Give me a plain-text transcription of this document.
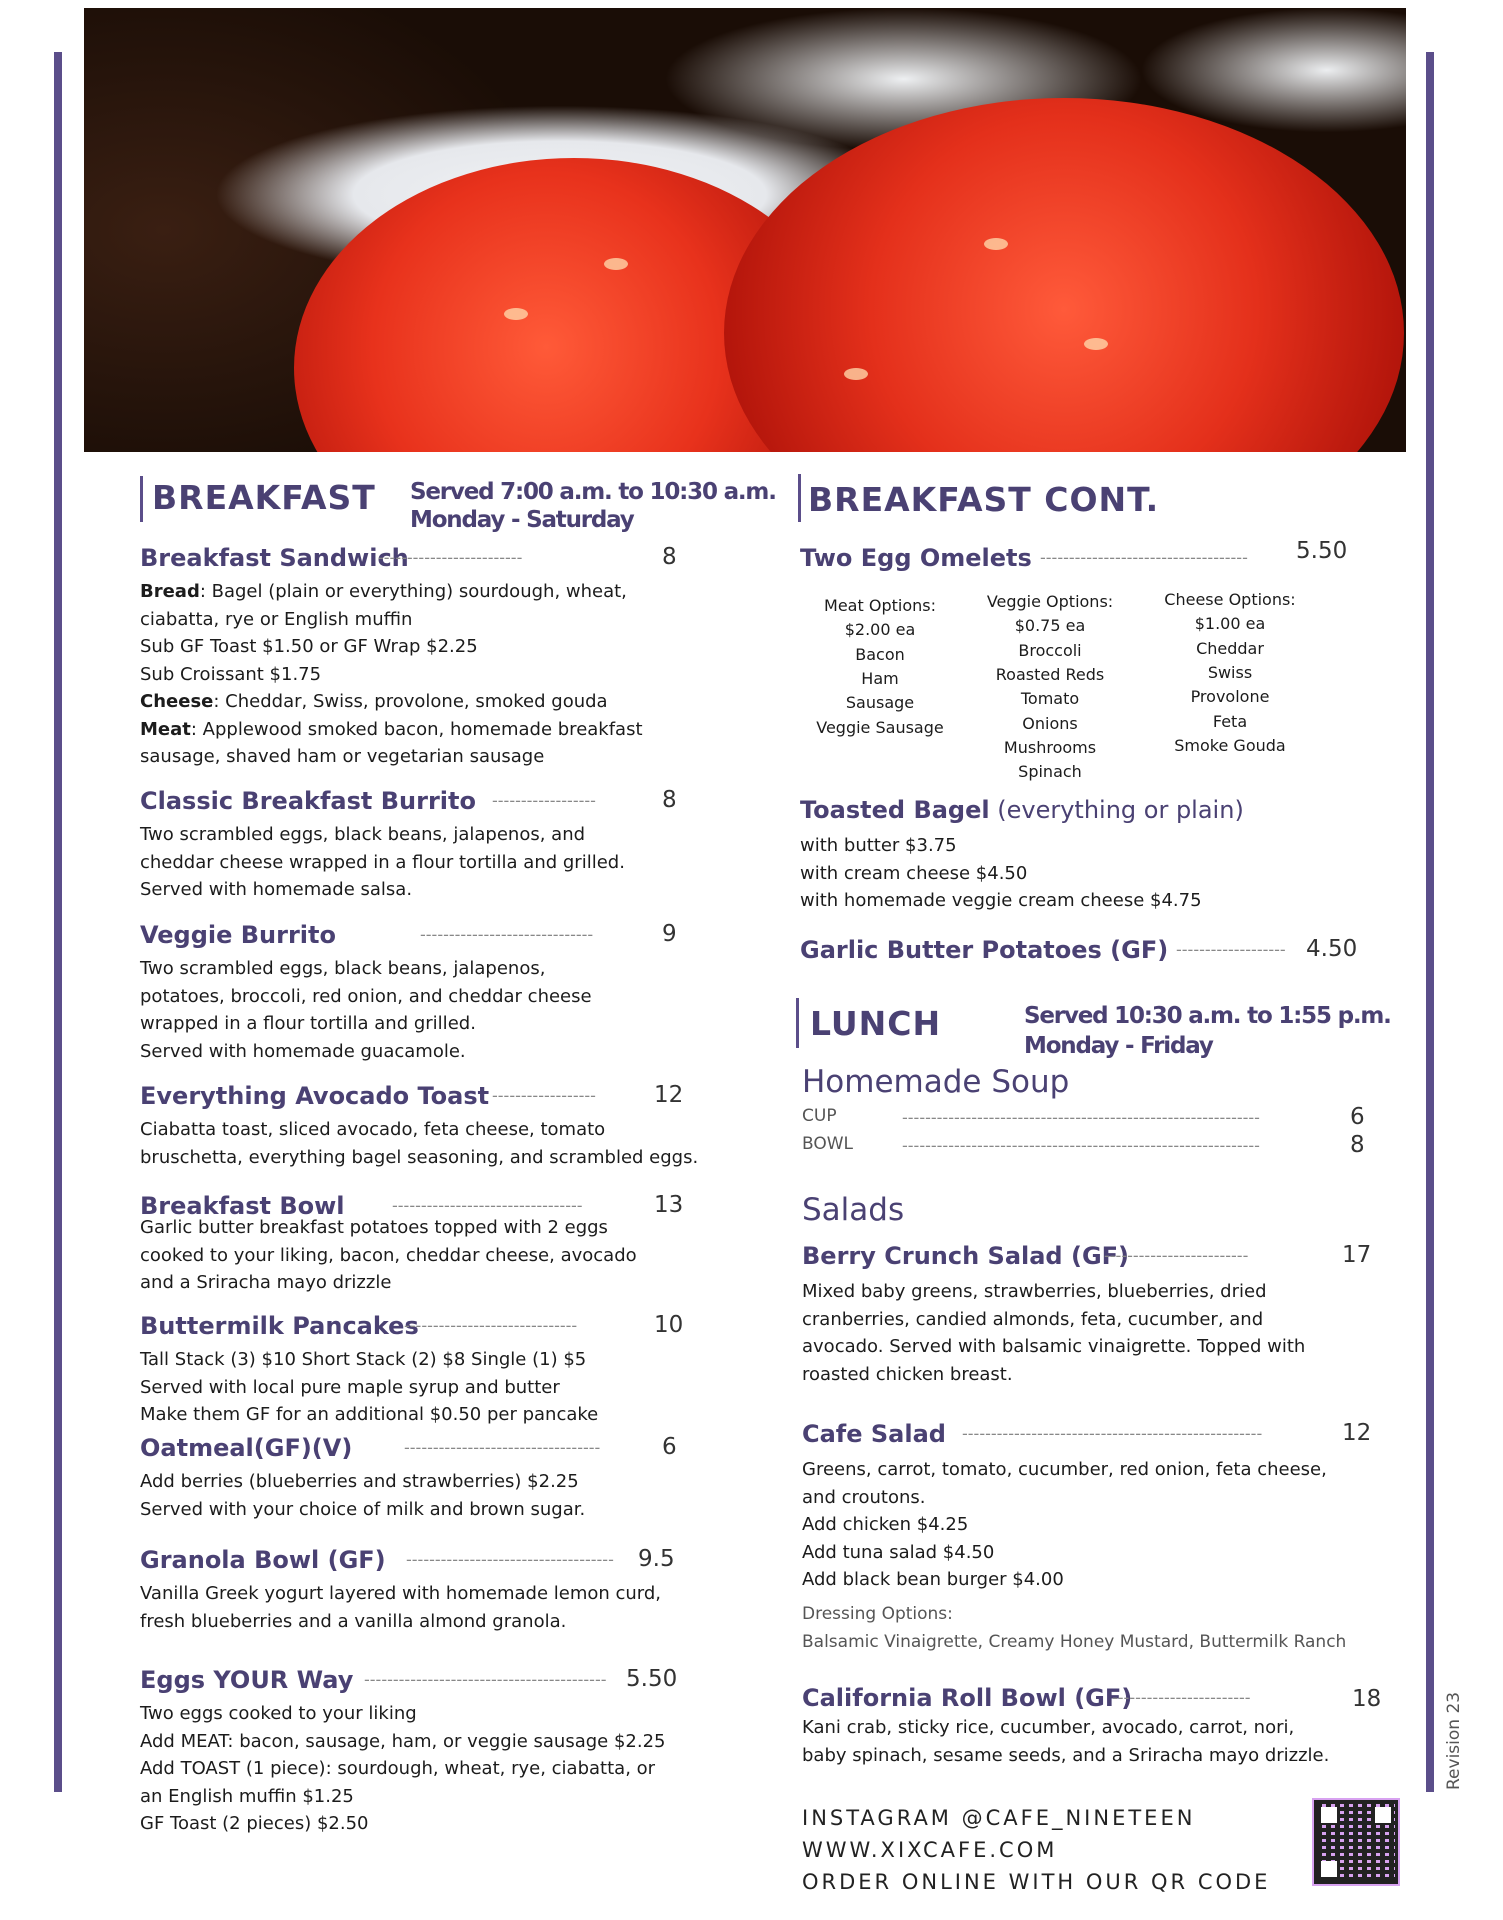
BREAKFAST Served 7:00 a.m. to 10:30 a.m.
Monday - Saturday
Breakfast Sandwich
-------------------------	8
Bread: Bagel (plain or everything) sourdough, wheat,
ciabatta, rye or English muffin
Sub GF Toast $1.50 or GF Wrap $2.25
Sub Croissant $1.75
Cheese: Cheddar, Swiss, provolone, smoked gouda
Meat: Applewood smoked bacon, homemade breakfast
sausage, shaved ham or vegetarian sausage
Classic Breakfast Burrito ------------------	8
Two scrambled eggs, black beans, jalapenos, and
cheddar cheese wrapped in a flour tortilla and grilled.
Served with homemade salsa.
Veggie Burrito	------------------------------	9
Two scrambled eggs, black beans, jalapenos,
potatoes, broccoli, red onion, and cheddar cheese
wrapped in a flour tortilla and grilled.
Served with homemade guacamole.
Everything Avocado Toast ------------------	12
Ciabatta toast, sliced avocado, feta cheese, tomato
bruschetta, everything bagel seasoning, and scrambled eggs.
Breakfast Bowl	---------------------------------	13
Garlic butter breakfast potatoes topped with 2 eggs
cooked to your liking, bacon, cheddar cheese, avocado
and a Sriracha mayo drizzle
Buttermilk Pancakes
------------------------------	10
Tall Stack (3) $10 Short Stack (2) $8 Single (1) $5
Served with local pure maple syrup and butter
Make them GF for an additional $0.50 per pancake
Oatmeal(GF)(V)	----------------------------------	6
Add berries (blueberries and strawberries) $2.25
Served with your choice of milk and brown sugar.
Granola Bowl (GF) ------------------------------------ 9.5
Vanilla Greek yogurt layered with homemade lemon curd,
fresh blueberries and a vanilla almond granola.
Eggs YOUR Way ------------------------------------------ 5.50
Two eggs cooked to your liking
Add MEAT: bacon, sausage, ham, or veggie sausage $2.25
Add TOAST (1 piece): sourdough, wheat, rye, ciabatta, or
an English muffin $1.25
GF Toast (2 pieces) $2.50
BREAKFAST CONT.
Two Egg Omelets ------------------------------------ 5.50
Meat Options:
$2.00 ea
Bacon
Ham
Sausage
Veggie Sausage
Veggie Options:
$0.75 ea
Broccoli
Roasted Reds
Tomato
Onions
Mushrooms
Spinach
Cheese Options:
$1.00 ea
Cheddar
Swiss
Provolone
Feta
Smoke Gouda
Toasted Bagel (everything or plain)
with butter $3.75
with cream cheese $4.50
with homemade veggie cream cheese $4.75
Garlic Butter Potatoes (GF) ------------------- 4.50
LUNCH	Served 10:30 a.m. to 1:55 p.m.
Monday - Friday
Homemade Soup
CUP	--------------------------------------------------------------	6
BOWL	--------------------------------------------------------------	8
Salads
Berry Crunch Salad (GF)
-------------------------	17
Mixed baby greens, strawberries, blueberries, dried
cranberries, candied almonds, feta, cucumber, and
avocado. Served with balsamic vinaigrette. Topped with
roasted chicken breast.
Cafe Salad ----------------------------------------------------	12
Greens, carrot, tomato, cucumber, red onion, feta cheese,
and croutons.
Add chicken $4.25
Add tuna salad $4.50
Add black bean burger $4.00
Dressing Options:
Balsamic Vinaigrette, Creamy Honey Mustard, Buttermilk Ranch
California Roll Bowl (GF)
------------------------	18
Kani crab, sticky rice, cucumber, avocado, carrot, nori,
baby spinach, sesame seeds, and a Sriracha mayo drizzle.
INSTAGRAM @CAFE_NINETEEN
WWW.XIXCAFE.COM
ORDER ONLINE WITH OUR QR CODE
Revision 23
